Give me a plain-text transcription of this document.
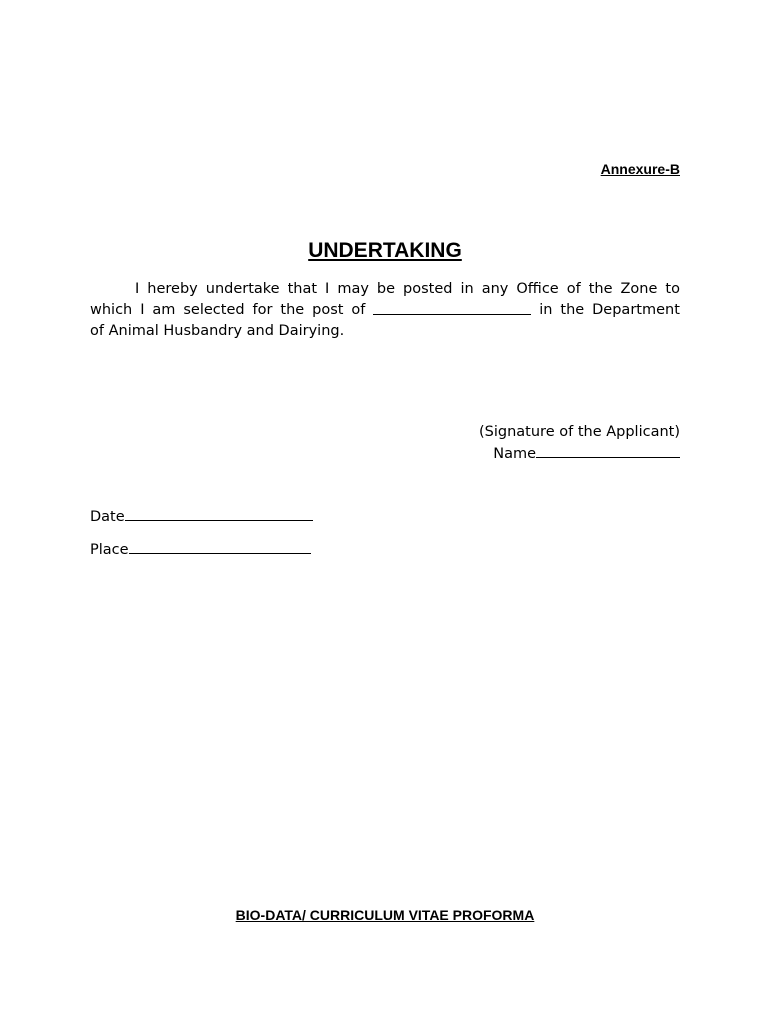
Annexure-B
UNDERTAKING
I hereby undertake that I may be posted in any Office of the Zone to
which I am selected for the post of	in the Department
of Animal Husbandry and Dairying.
(Signature of the Applicant)
Name
Date
Place
BIO-DATA/ CURRICULUM VITAE PROFORMA
